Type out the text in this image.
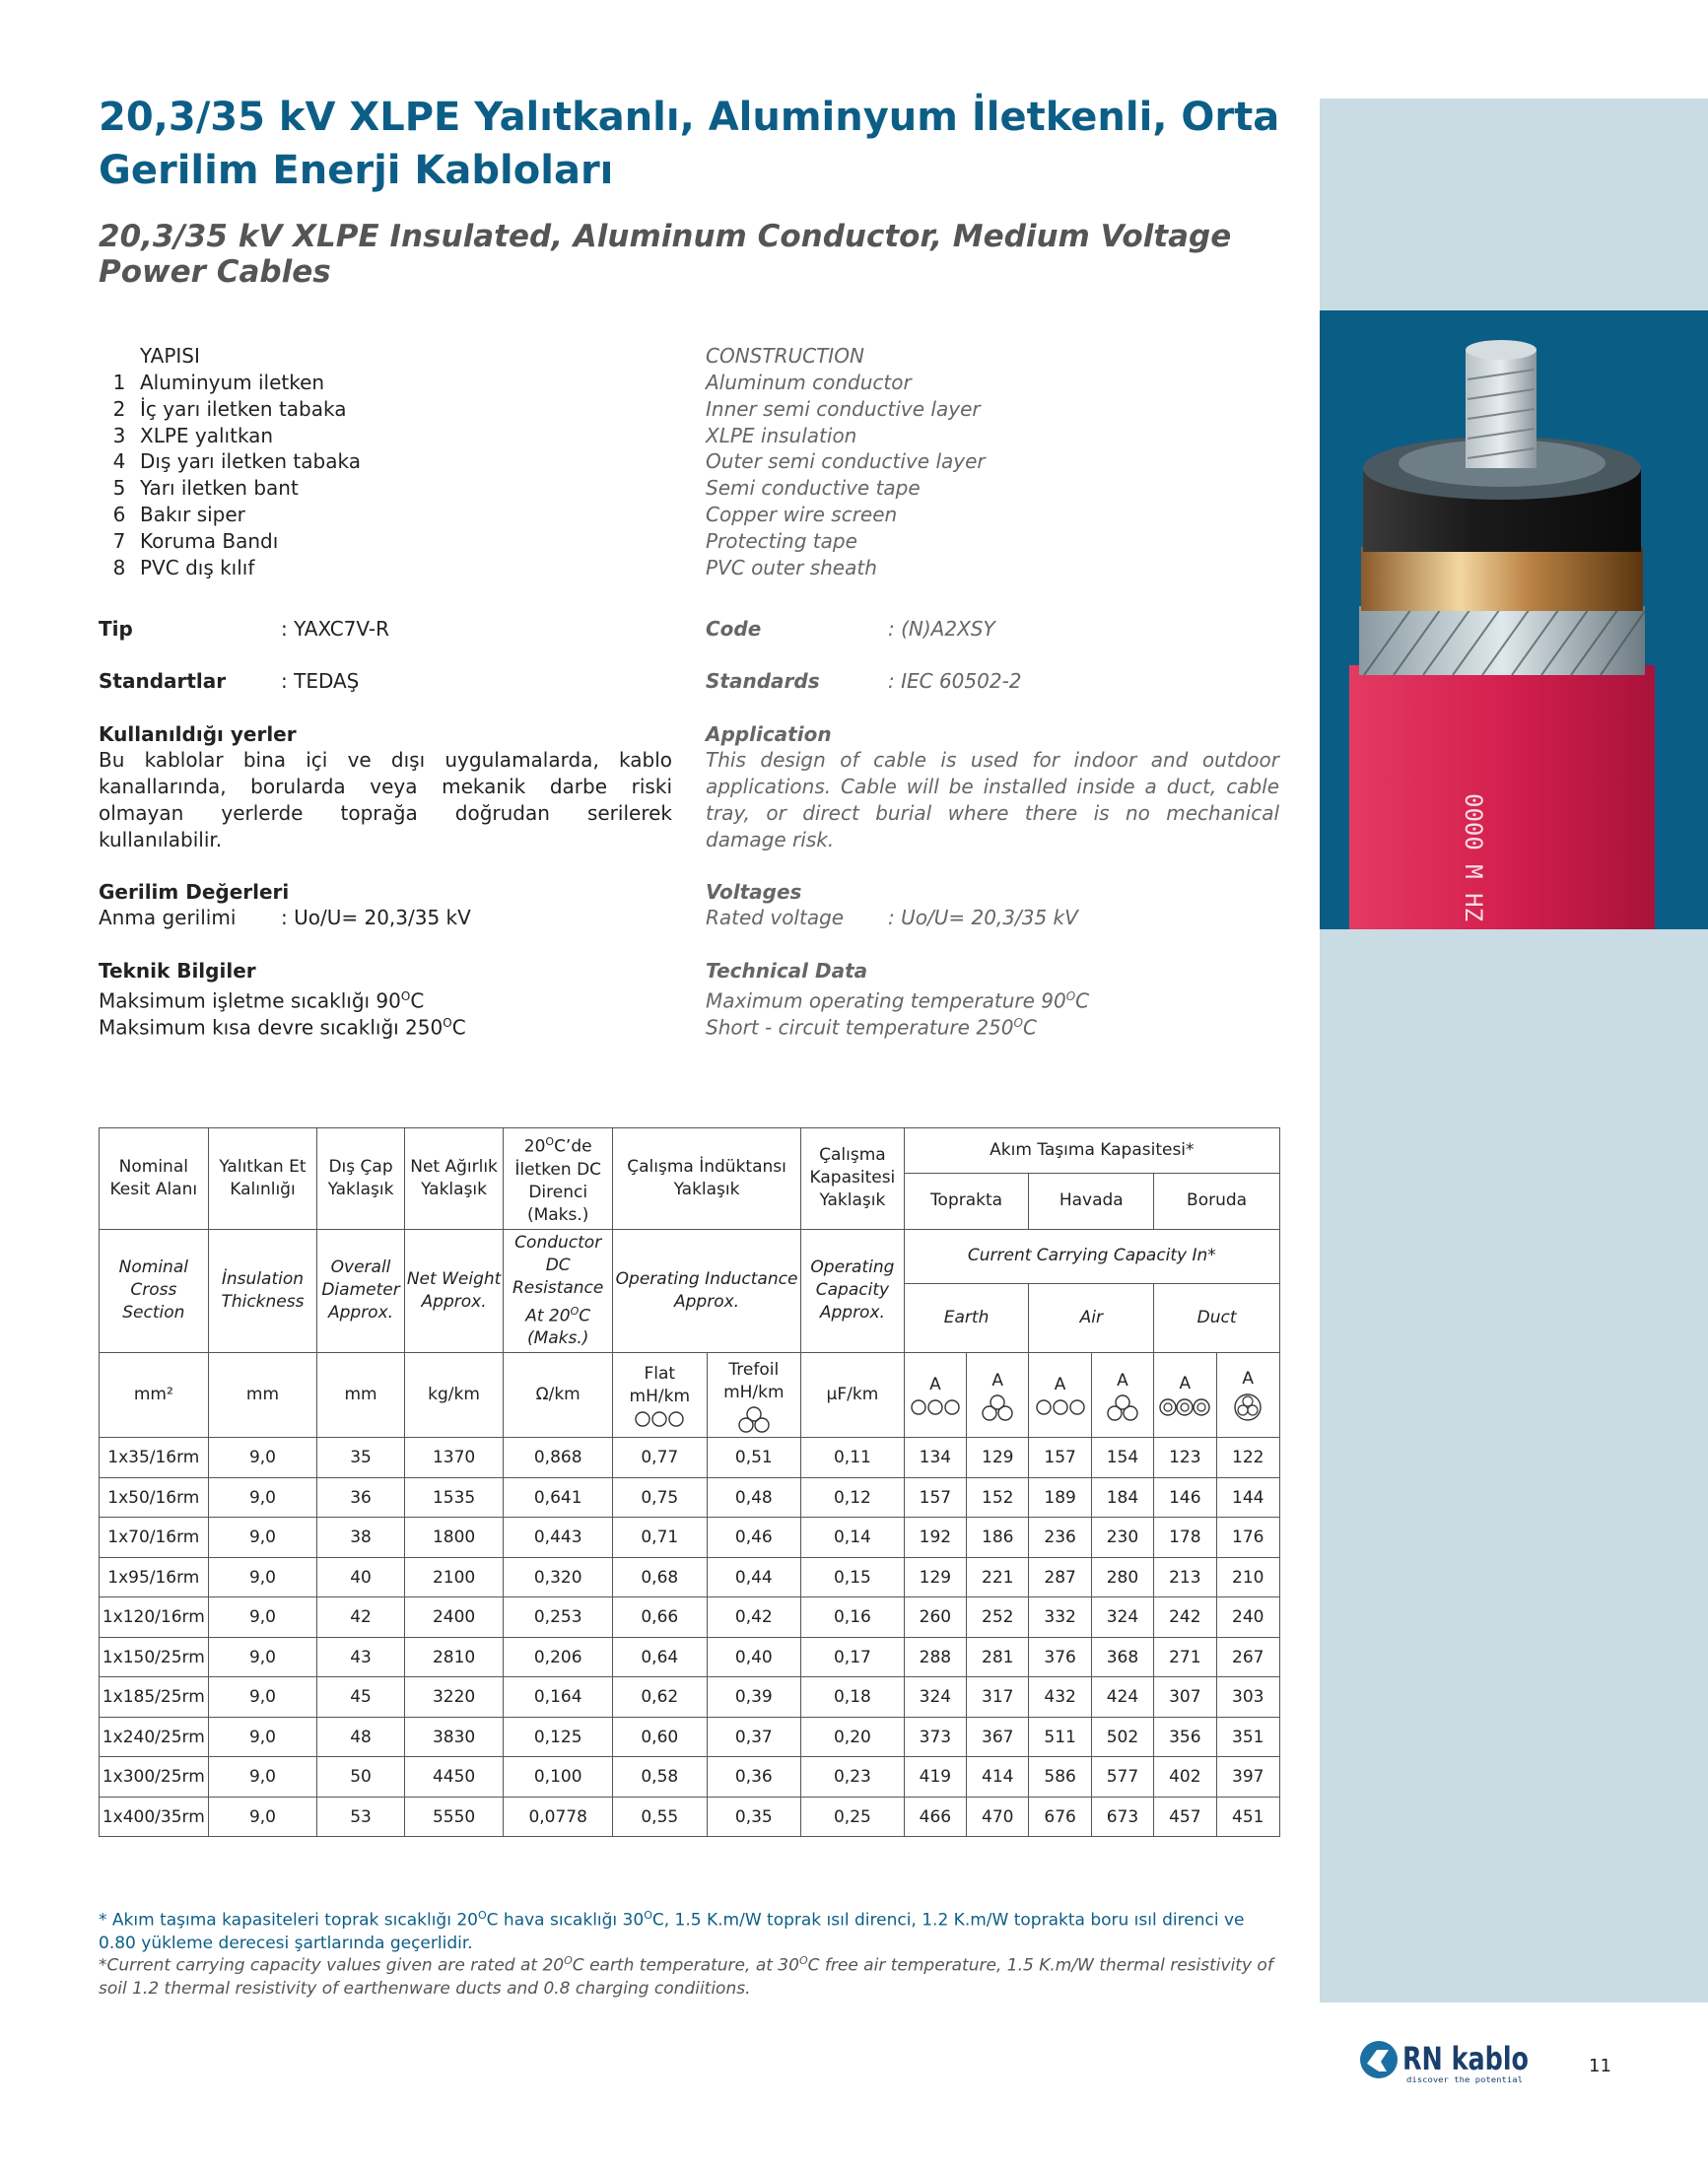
0000 M HZ
20,3/35 kV XLPE Yalıtkanlı, Aluminyum İletkenli, Orta Gerilim Enerji Kabloları
20,3/35 kV XLPE Insulated, Aluminum Conductor, Medium Voltage Power Cables
YAPISI
1 Aluminyum iletken
2 İç yarı iletken tabaka
3 XLPE yalıtkan
4 Dış yarı iletken tabaka
5 Yarı iletken bant
6 Bakır siper
7 Koruma Bandı
8 PVC dış kılıf
CONSTRUCTION
Aluminum conductor
Inner semi conductive layer
XLPE insulation
Outer semi conductive layer
Semi conductive tape
Copper wire screen
Protecting tape
PVC outer sheath
Tip	: YAXC7V-R
Standartlar	: TEDAŞ
Kullanıldığı yerler

Bu kablolar bina içi ve dışı uygulamalarda, kablo kanallarında, borularda veya mekanik darbe riski olmayan yerlerde toprağa doğrudan serilerek kullanılabilir.

Gerilim Değerleri
Anma gerilimi : Uo/U= 20,3/35 kV
Teknik Bilgiler
Maksimum işletme sıcaklığı $90^OC$
Maksimum kısa devre sıcaklığı $250^OC$
Code	: (N)A2XSY
Standards	: IEC 60502-2
Application

This design of cable is used for indoor and outdoor applications. Cable will be installed inside a duct, cable tray, or direct burial where there is no mechanical damage risk.

Voltages
Rated voltage : Uo/U= 20,3/35 kV
Technical Data
Maximum operating temperature $90^OC$
Short - circuit temperature $250^OC$
Nominal Kesit Alanı	Yalıtkan Et Kalınlığı	Dış Çap Yaklaşık	Net Ağırlık Yaklaşık	$20^OC’de$ İletken DC Direnci (Maks.)	Çalışma İndüktansı Yaklaşık		Çalışma Kapasitesi Yaklaşık	Akım Taşıma Kapasitesi*					
								Toprakta		Havada		Boruda	
Nominal Cross Section	İnsulation Thickness	Overall Diameter Approx.	Net Weight Approx.	Conductor DC Resistance At $20^OC$ (Maks.)	Operating Inductance Approx.		Operating Capacity Approx.	Current Carrying Capacity In*					
								Earth		Air		Duct	
mm²	mm	mm	kg/km	Ω/km	Flat mH/km	Trefoil mH/km	µF/km	A	A	A	A	A	A

1x35/16rm	9,0	35	1370	0,868	0,77	0,51	0,11	134	129	157	154	123	122
1x50/16rm	9,0	36	1535	0,641	0,75	0,48	0,12	157	152	189	184	146	144
1x70/16rm	9,0	38	1800	0,443	0,71	0,46	0,14	192	186	236	230	178	176
1x95/16rm	9,0	40	2100	0,320	0,68	0,44	0,15	129	221	287	280	213	210
1x120/16rm	9,0	42	2400	0,253	0,66	0,42	0,16	260	252	332	324	242	240
1x150/25rm	9,0	43	2810	0,206	0,64	0,40	0,17	288	281	376	368	271	267
1x185/25rm	9,0	45	3220	0,164	0,62	0,39	0,18	324	317	432	424	307	303
1x240/25rm	9,0	48	3830	0,125	0,60	0,37	0,20	373	367	511	502	356	351
1x300/25rm	9,0	50	4450	0,100	0,58	0,36	0,23	419	414	586	577	402	397
1x400/35rm	9,0	53	5550	0,0778	0,55	0,35	0,25	466	470	676	673	457	451

* Akım taşıma kapasiteleri toprak sıcaklığı $20^OC$ hava sıcaklığı $30^OC$, 1.5 K.m/W toprak ısıl direnci, 1.2 K.m/W toprakta boru ısıl direnci ve 0.80 yükleme derecesi şartlarında geçerlidir.

*Current carrying capacity values given are rated at $20^OC$ earth temperature, at $30^OC$ free air temperature, 1.5 K.m/W thermal resistivity of soil 1.2 thermal resistivity of earthenware ducts and 0.8 charging condiitions.

RN kablo
discover the potential
11
